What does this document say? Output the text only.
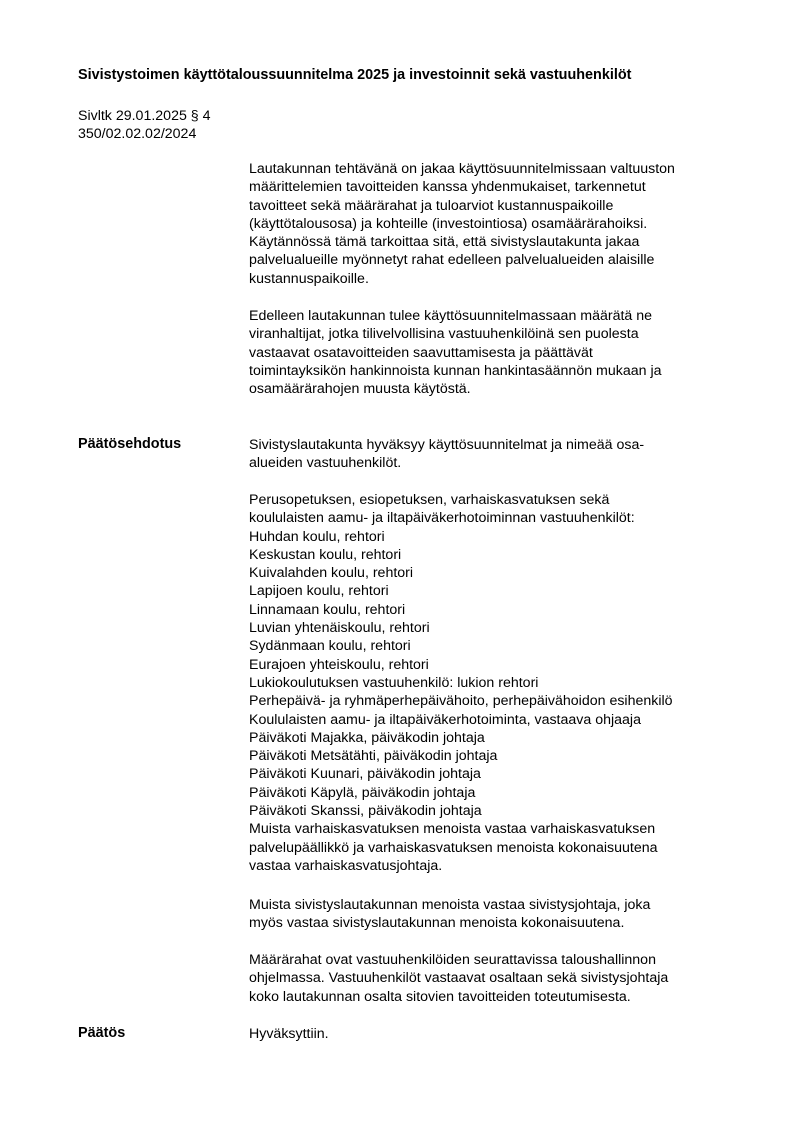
Sivistystoimen käyttötaloussuunnitelma 2025 ja investoinnit sekä vastuuhenkilöt
Sivltk 29.01.2025 § 4
350/02.02.02/2024
Lautakunnan tehtävänä on jakaa käyttösuunnitelmissaan valtuuston
määrittelemien tavoitteiden kanssa yhdenmukaiset, tarkennetut
tavoitteet sekä määrärahat ja tuloarviot kustannuspaikoille
(käyttötalousosa) ja kohteille (investointiosa) osamäärärahoiksi.
Käytännössä tämä tarkoittaa sitä, että sivistyslautakunta jakaa
palvelualueille myönnetyt rahat edelleen palvelualueiden alaisille
kustannuspaikoille.
Edelleen lautakunnan tulee käyttösuunnitelmassaan määrätä ne
viranhaltijat, jotka tilivelvollisina vastuuhenkilöinä sen puolesta
vastaavat osatavoitteiden saavuttamisesta ja päättävät
toimintayksikön hankinnoista kunnan hankintasäännön mukaan ja
osamäärärahojen muusta käytöstä.
Päätösehdotus	Sivistyslautakunta hyväksyy käyttösuunnitelmat ja nimeää osa-
alueiden vastuuhenkilöt.
Perusopetuksen, esiopetuksen, varhaiskasvatuksen sekä
koululaisten aamu- ja iltapäiväkerhotoiminnan vastuuhenkilöt:
Huhdan koulu, rehtori
Keskustan koulu, rehtori
Kuivalahden koulu, rehtori
Lapijoen koulu, rehtori
Linnamaan koulu, rehtori
Luvian yhtenäiskoulu, rehtori
Sydänmaan koulu, rehtori
Eurajoen yhteiskoulu, rehtori
Lukiokoulutuksen vastuuhenkilö: lukion rehtori
Perhepäivä- ja ryhmäperhepäivähoito, perhepäivähoidon esihenkilö
Koululaisten aamu- ja iltapäiväkerhotoiminta, vastaava ohjaaja
Päiväkoti Majakka, päiväkodin johtaja
Päiväkoti Metsätähti, päiväkodin johtaja
Päiväkoti Kuunari, päiväkodin johtaja
Päiväkoti Käpylä, päiväkodin johtaja
Päiväkoti Skanssi, päiväkodin johtaja
Muista varhaiskasvatuksen menoista vastaa varhaiskasvatuksen
palvelupäällikkö ja varhaiskasvatuksen menoista kokonaisuutena
vastaa varhaiskasvatusjohtaja.
Muista sivistyslautakunnan menoista vastaa sivistysjohtaja, joka
myös vastaa sivistyslautakunnan menoista kokonaisuutena.
Määrärahat ovat vastuuhenkilöiden seurattavissa taloushallinnon
ohjelmassa. Vastuuhenkilöt vastaavat osaltaan sekä sivistysjohtaja
koko lautakunnan osalta sitovien tavoitteiden toteutumisesta.
Päätös	Hyväksyttiin.
